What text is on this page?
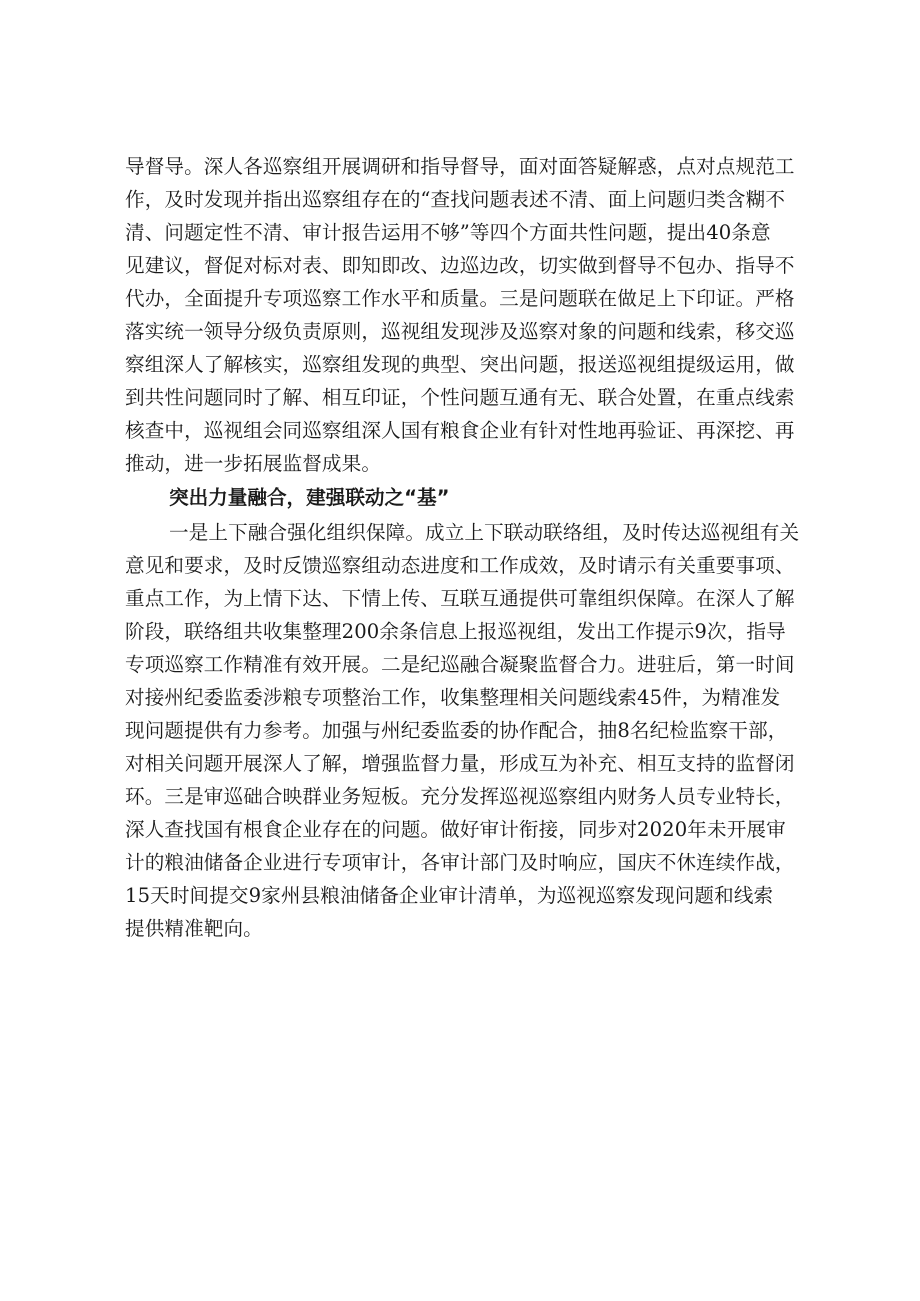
导督导。深人各巡察组开展调研和指导督导，面对面答疑解惑，点对点规范工
作，及时发现并指出巡察组存在的“查找问题表述不清、面上问题归类含糊不
清、问题定性不清、审计报告运用不够”等四个方面共性问题，提出40条意
见建议，督促对标对表、即知即改、边巡边改，切实做到督导不包办、指导不
代办，全面提升专项巡察工作水平和质量。三是问题联在做足上下印证。严格
落实统一领导分级负责原则，巡视组发现涉及巡察对象的问题和线索，移交巡
察组深人了解核实，巡察组发现的典型、突出问题，报送巡视组提级运用，做
到共性问题同时了解、相互印证，个性问题互通有无、联合处置，在重点线索
核查中，巡视组会同巡察组深人国有粮食企业有针对性地再验证、再深挖、再
推动，进一步拓展监督成果。
突出力量融合，建强联动之“基”
一是上下融合强化组织保障。成立上下联动联络组，及时传达巡视组有关
意见和要求，及时反馈巡察组动态进度和工作成效，及时请示有关重要事项、
重点工作，为上情下达、下情上传、互联互通提供可靠组织保障。在深人了解
阶段，联络组共收集整理200余条信息上报巡视组，发出工作提示9次，指导
专项巡察工作精准有效开展。二是纪巡融合凝聚监督合力。进驻后，第一时间
对接州纪委监委涉粮专项整治工作，收集整理相关问题线索45件，为精准发
现问题提供有力参考。加强与州纪委监委的协作配合，抽8名纪检监察干部，
对相关问题开展深人了解，增强监督力量，形成互为补充、相互支持的监督闭
环。三是审巡础合映群业务短板。充分发挥巡视巡察组内财务人员专业特长，
深人查找国有根食企业存在的问题。做好审计衔接，同步对2020年未开展审
计的粮油储备企业进行专项审计，各审计部门及时响应，国庆不休连续作战，
15天时间提交9家州县粮油储备企业审计清单，为巡视巡察发现问题和线索
提供精准靶向。
